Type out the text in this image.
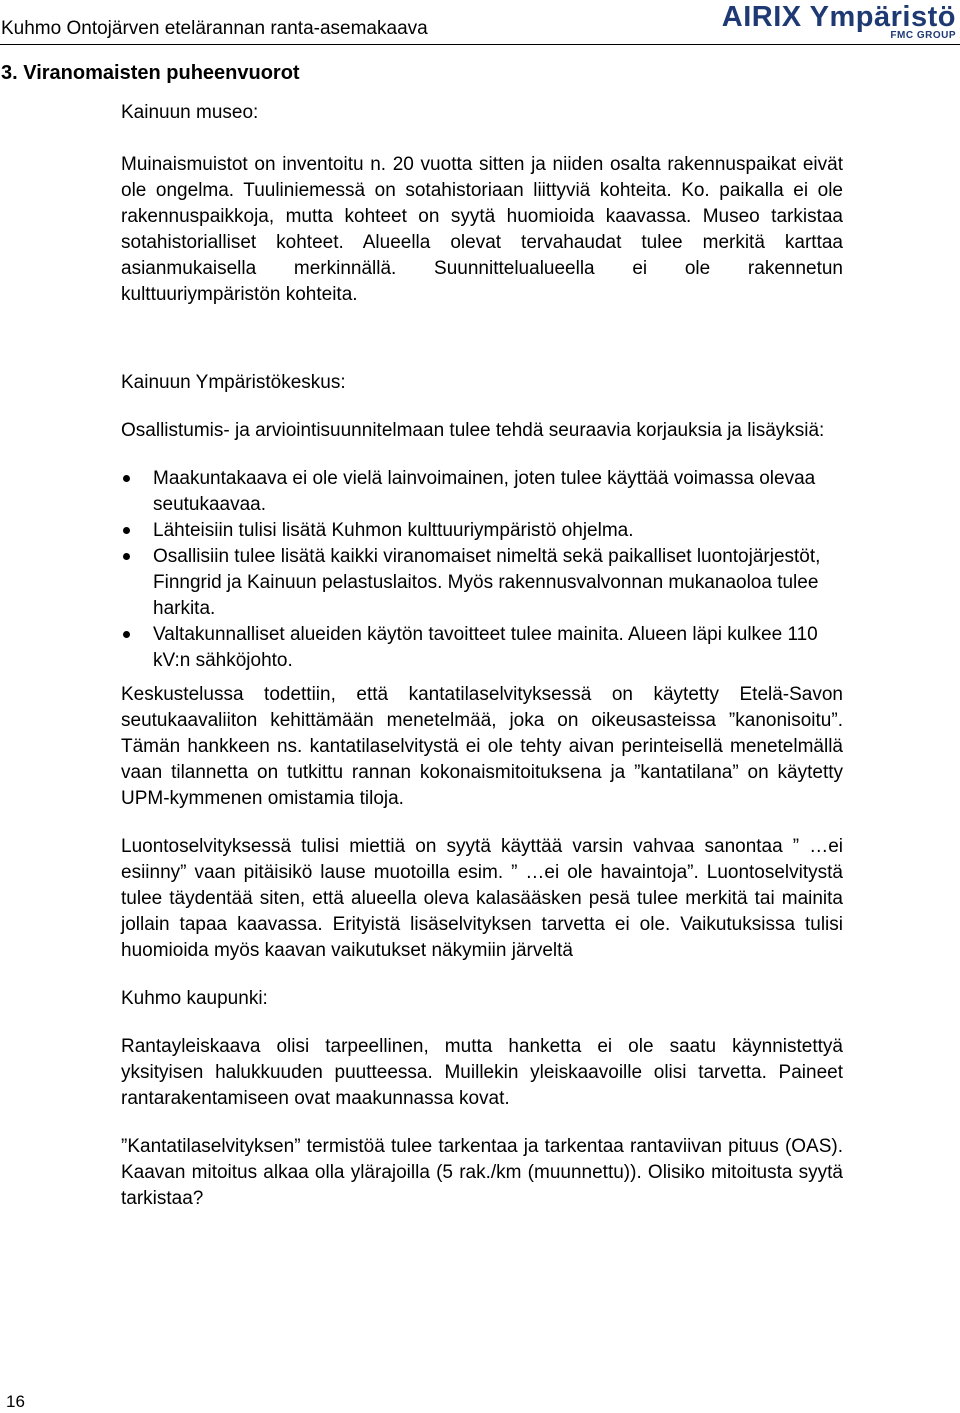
Kuhmo Ontojärven etelärannan ranta-asemakaava	AIRIX Ympäristö
FMC GROUP
3. Viranomaisten puheenvuorot

Kainuun museo:

Muinaismuistot on inventoitu n. 20 vuotta sitten ja niiden osalta rakennuspaikat eivät ole ongelma. Tuuliniemessä on sotahistoriaan liittyviä kohteita. Ko. paikalla ei ole rakennuspaikkoja, mutta kohteet on syytä huomioida kaavassa. Museo tarkistaa sotahistorialliset kohteet. Alueella olevat tervahaudat tulee merkitä karttaa asianmukaisella merkinnällä. Suunnittelualueella ei ole rakennetun kulttuuriympäristön kohteita.

Kainuun Ympäristökeskus:

Osallistumis- ja arviointisuunnitelmaan tulee tehdä seuraavia korjauksia ja lisäyksiä:

Maakuntakaava ei ole vielä lainvoimainen, joten tulee käyttää voimassa olevaa seutukaavaa.
Lähteisiin tulisi lisätä Kuhmon kulttuuriympäristö ohjelma.
Osallisiin tulee lisätä kaikki viranomaiset nimeltä sekä paikalliset luontojärjestöt, Finngrid ja Kainuun pelastuslaitos. Myös rakennusvalvonnan mukanaoloa tulee harkita.
Valtakunnalliset alueiden käytön tavoitteet tulee mainita. Alueen läpi kulkee 110 kV:n sähköjohto.

Keskustelussa todettiin, että kantatilaselvityksessä on käytetty Etelä-Savon seutukaavaliiton kehittämään menetelmää, joka on oikeusasteissa ”kanonisoitu”. Tämän hankkeen ns. kantatilaselvitystä ei ole tehty aivan perinteisellä menetelmällä vaan tilannetta on tutkittu rannan kokonaismitoituksena ja ”kantatilana” on käytetty UPM-kymmenen omistamia tiloja.

Luontoselvityksessä tulisi miettiä on syytä käyttää varsin vahvaa sanontaa ” …ei esiinny” vaan pitäisikö lause muotoilla esim. ” …ei ole havaintoja”. Luontoselvitystä tulee täydentää siten, että alueella oleva kalasääsken pesä tulee merkitä tai mainita jollain tapaa kaavassa. Erityistä lisäselvityksen tarvetta ei ole. Vaikutuksissa tulisi huomioida myös kaavan vaikutukset näkymiin järveltä

Kuhmo kaupunki:

Rantayleiskaava olisi tarpeellinen, mutta hanketta ei ole saatu käynnistettyä yksityisen halukkuuden puutteessa. Muillekin yleiskaavoille olisi tarvetta. Paineet rantarakentamiseen ovat maakunnassa kovat.

”Kantatilaselvityksen” termistöä tulee tarkentaa ja tarkentaa rantaviivan pituus (OAS). Kaavan mitoitus alkaa olla ylärajoilla (5 rak./km (muunnettu)). Olisiko mitoitusta syytä tarkistaa?

16
